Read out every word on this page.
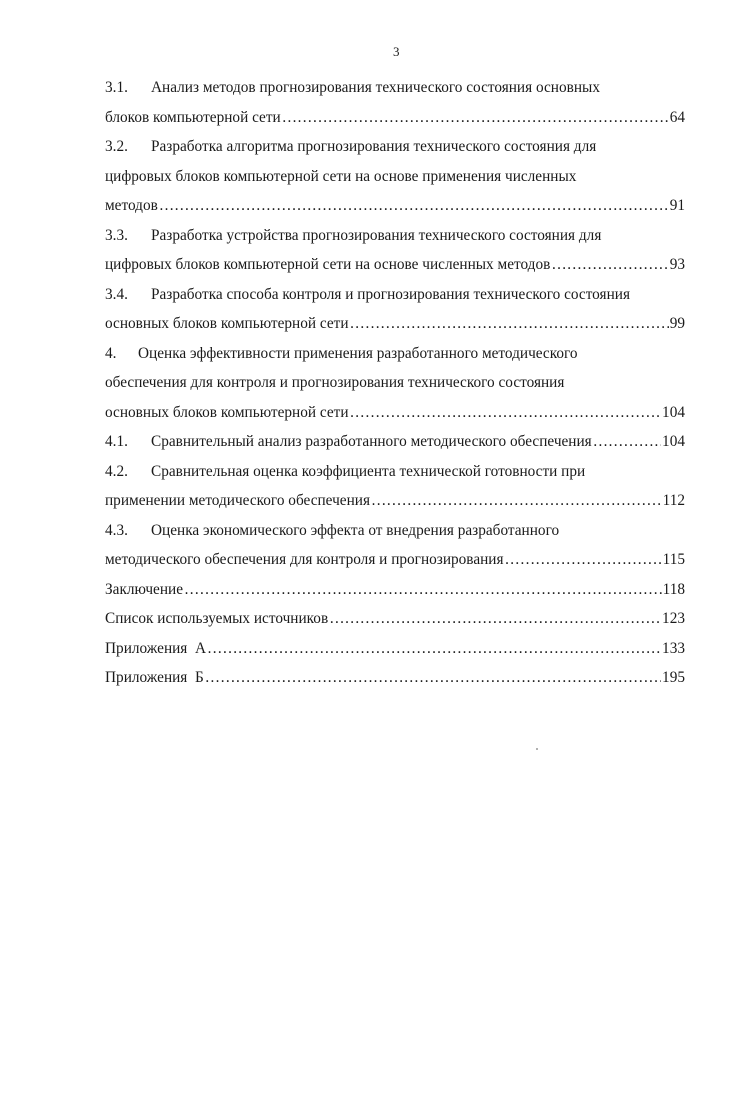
3
3.1. Анализ методов прогнозирования технического состояния основных
блоков компьютерной сети …………………………………………………………………………………………………………………………………………………………………………	64
3.2. Разработка алгоритма прогнозирования технического состояния для
цифровых блоков компьютерной сети на основе применения численных
методов …………………………………………………………………………………………………………………………………………………………………………	91
3.3. Разработка устройства прогнозирования технического состояния для
цифровых блоков компьютерной сети на основе численных методов …………………………………………………………………………………………………………………………………………………………………………	93
3.4. Разработка способа контроля и прогнозирования технического состояния
основных блоков компьютерной сети …………………………………………………………………………………………………………………………………………………………………………	99
4. Оценка эффективности применения разработанного методического
обеспечения для контроля и прогнозирования технического состояния
основных блоков компьютерной сети …………………………………………………………………………………………………………………………………………………………………………	104
4.1. Сравнительный анализ разработанного методического обеспечения …………………………………………………………………………………………………………………………………………………………………………	104
4.2. Сравнительная оценка коэффициента технической готовности при
применении методического обеспечения …………………………………………………………………………………………………………………………………………………………………………	112
4.3. Оценка экономического эффекта от внедрения разработанного
методического обеспечения для контроля и прогнозирования …………………………………………………………………………………………………………………………………………………………………………	115
Заключение …………………………………………………………………………………………………………………………………………………………………………	118
Список используемых источников …………………………………………………………………………………………………………………………………………………………………………	123
Приложения  А …………………………………………………………………………………………………………………………………………………………………………	133
Приложения  Б …………………………………………………………………………………………………………………………………………………………………………	195
